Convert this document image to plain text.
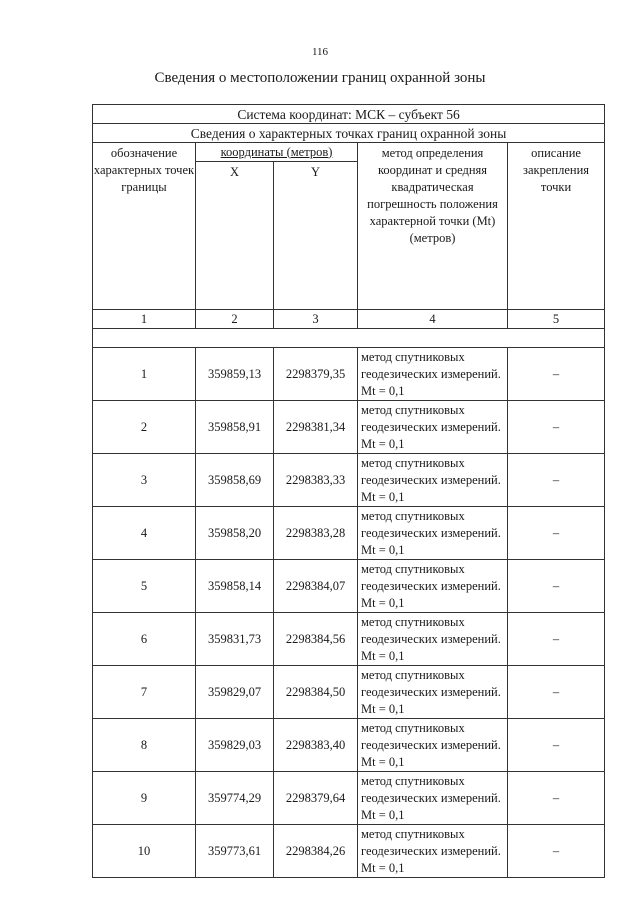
116
Сведения о местоположении границ охранной зоны
Система координат: МСК – субъект 56				
Сведения о характерных точках границ охранной зоны				
обозначение характерных точек границы	координаты (метров)		метод определения координат и средняя квадратическая погрешность положения характерной точки (Mt) (метров)	описание закрепления точки
	X	Y		
1	2	3	4	5

1	359859,13	2298379,35	метод спутниковых геодезических измерений. Mt = 0,1	–
2	359858,91	2298381,34	метод спутниковых геодезических измерений. Mt = 0,1	–
3	359858,69	2298383,33	метод спутниковых геодезических измерений. Mt = 0,1	–
4	359858,20	2298383,28	метод спутниковых геодезических измерений. Mt = 0,1	–
5	359858,14	2298384,07	метод спутниковых геодезических измерений. Mt = 0,1	–
6	359831,73	2298384,56	метод спутниковых геодезических измерений. Mt = 0,1	–
7	359829,07	2298384,50	метод спутниковых геодезических измерений. Mt = 0,1	–
8	359829,03	2298383,40	метод спутниковых геодезических измерений. Mt = 0,1	–
9	359774,29	2298379,64	метод спутниковых геодезических измерений. Mt = 0,1	–
10	359773,61	2298384,26	метод спутниковых геодезических измерений. Mt = 0,1	–
